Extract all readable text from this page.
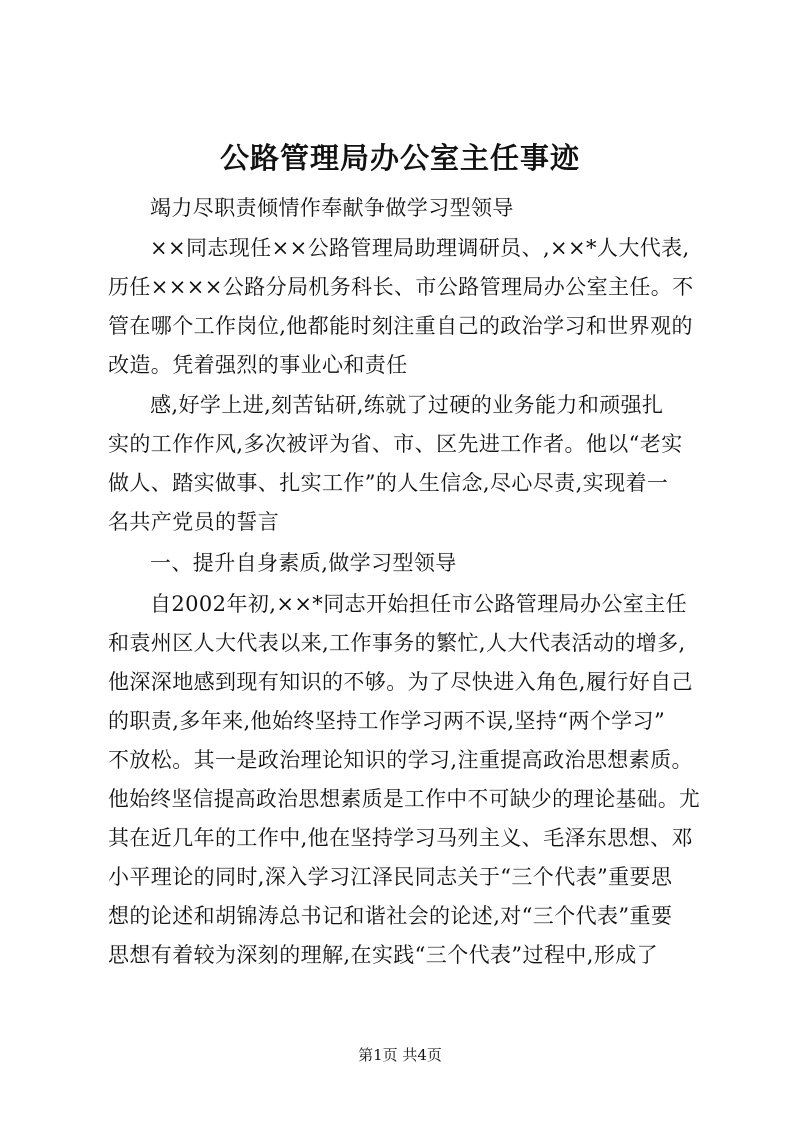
公路管理局办公室主任事迹
竭力尽职责倾情作奉献争做学习型领导
××同志现任××公路管理局助理调研员、,××*人大代表,
历任××××公路分局机务科长、市公路管理局办公室主任。不
管在哪个工作岗位,他都能时刻注重自己的政治学习和世界观的
改造。凭着强烈的事业心和责任
感,好学上进,刻苦钻研,练就了过硬的业务能力和顽强扎
实的工作作风,多次被评为省、市、区先进工作者。他以“老实
做人、踏实做事、扎实工作”的人生信念,尽心尽责,实现着一
名共产党员的誓言
一、提升自身素质,做学习型领导
自2002年初,××*同志开始担任市公路管理局办公室主任
和袁州区人大代表以来,工作事务的繁忙,人大代表活动的增多,
他深深地感到现有知识的不够。为了尽快进入角色,履行好自己
的职责,多年来,他始终坚持工作学习两不误,坚持“两个学习”
不放松。其一是政治理论知识的学习,注重提高政治思想素质。
他始终坚信提高政治思想素质是工作中不可缺少的理论基础。尤
其在近几年的工作中,他在坚持学习马列主义、毛泽东思想、邓
小平理论的同时,深入学习江泽民同志关于“三个代表”重要思
想的论述和胡锦涛总书记和谐社会的论述,对“三个代表”重要
思想有着较为深刻的理解,在实践“三个代表”过程中,形成了
第1页 共4页
